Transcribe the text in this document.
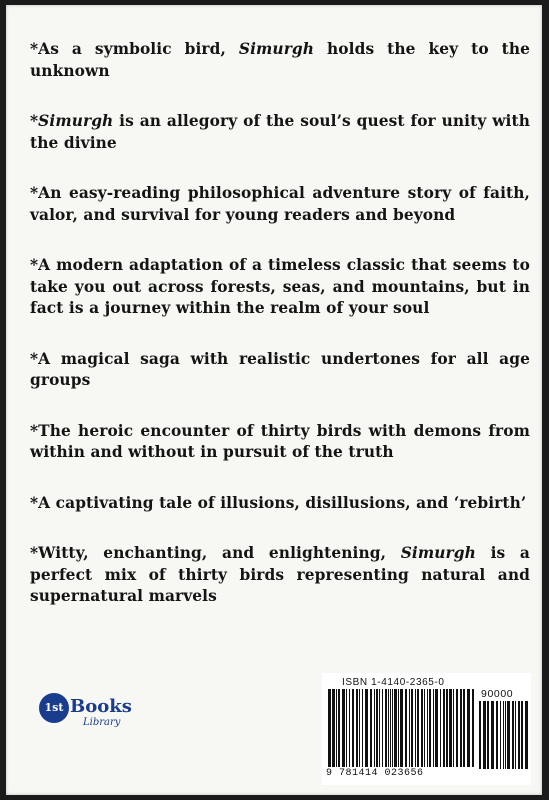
*As a symbolic bird, Simurgh holds the key to the unknown

*Simurgh is an allegory of the soul’s quest for unity with the divine

*An easy-reading philosophical adventure story of faith, valor, and survival for young readers and beyond

*A modern adaptation of a timeless classic that seems to take you out across forests, seas, and mountains, but in fact is a journey within the realm of your soul

*A magical saga with realistic undertones for all age groups

*The heroic encounter of thirty birds with demons from within and without in pursuit of the truth

*A captivating tale of illusions, disillusions, and ‘rebirth’

*Witty, enchanting, and enlightening, Simurgh is a perfect mix of thirty birds representing natural and supernatural marvels

1st Books
Library
ISBN 1-4140-2365-0
90000
9 781414 023656
